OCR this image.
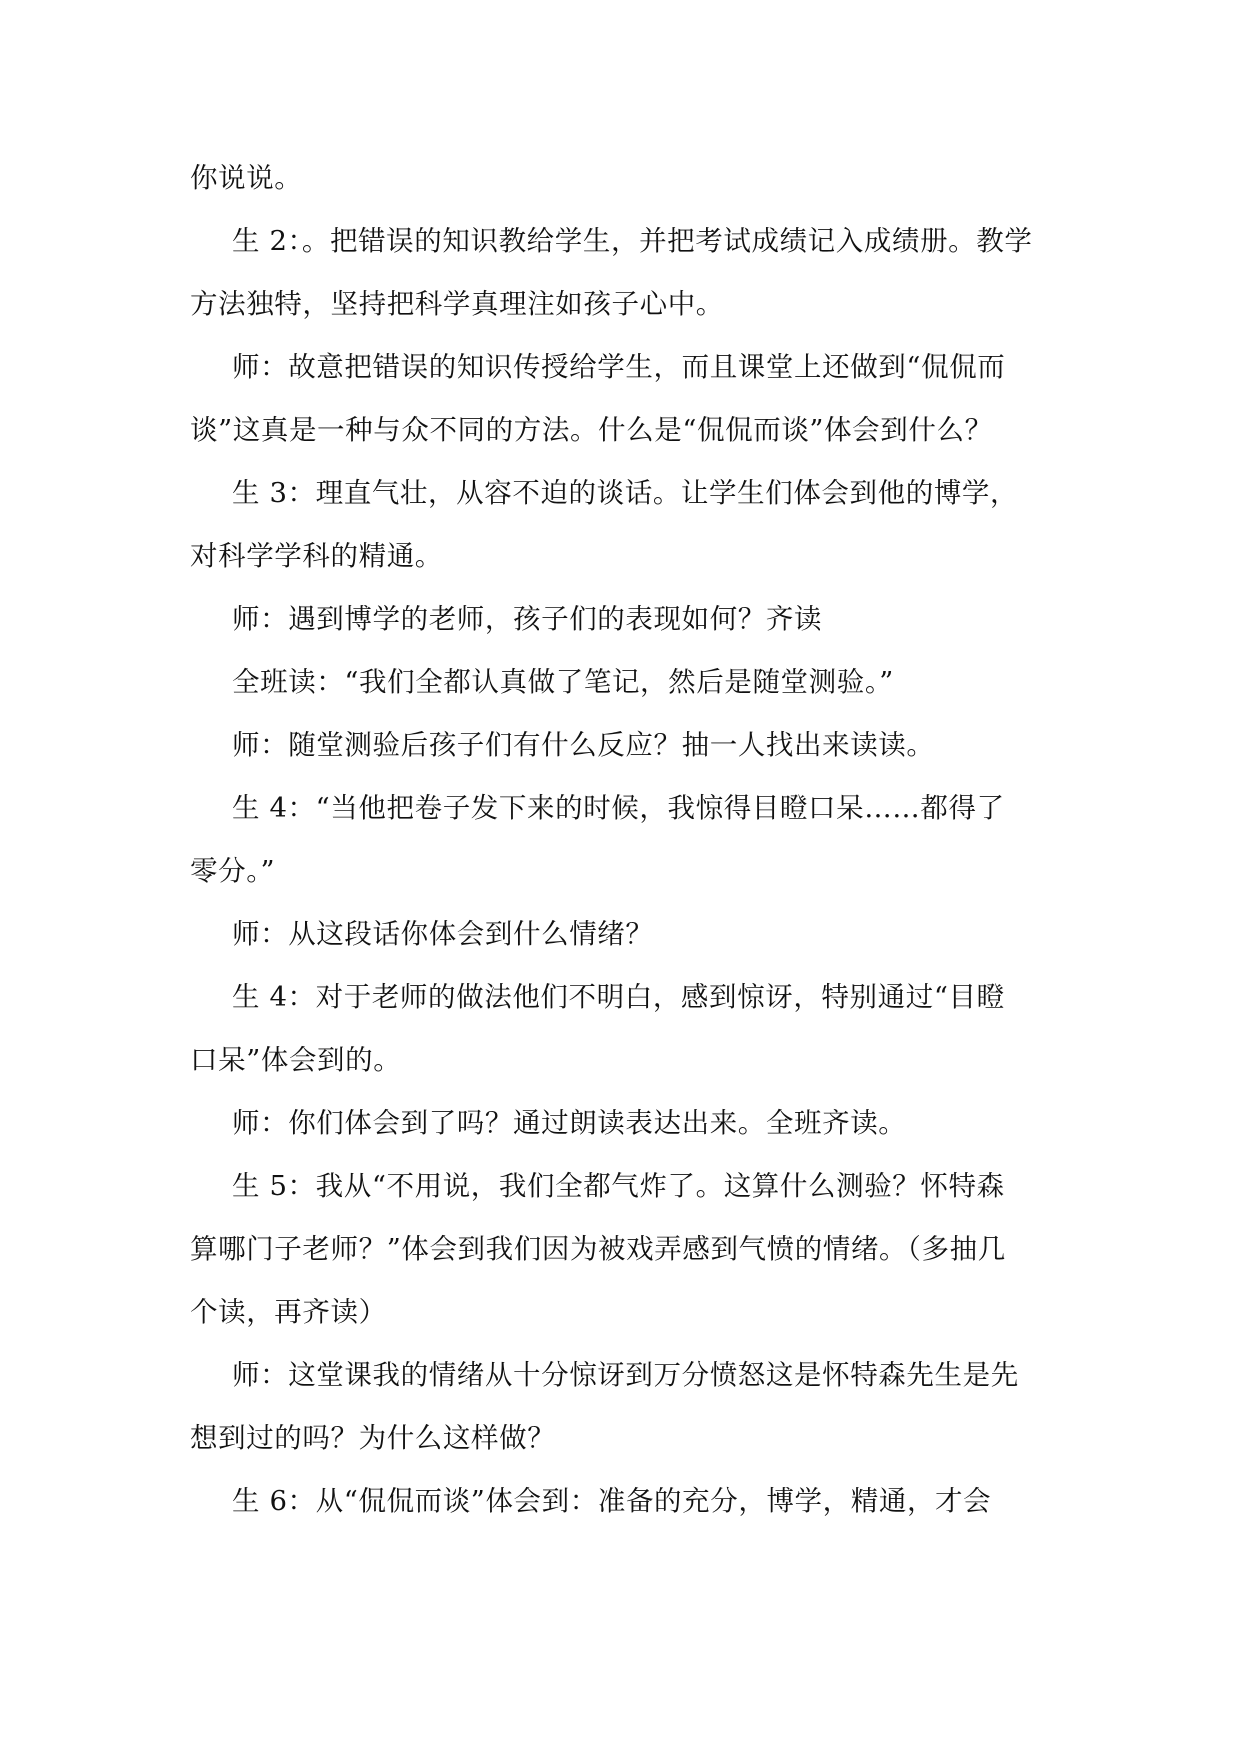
你说说。
生 2：。把错误的知识教给学生，并把考试成绩记入成绩册。教学
方法独特，坚持把科学真理注如孩子心中。
师：故意把错误的知识传授给学生，而且课堂上还做到“侃侃而
谈”这真是一种与众不同的方法。什么是“侃侃而谈”体会到什么？
生 3：理直气壮，从容不迫的谈话。让学生们体会到他的博学，
对科学学科的精通。
师：遇到博学的老师，孩子们的表现如何？齐读
全班读：“我们全都认真做了笔记，然后是随堂测验。”
师：随堂测验后孩子们有什么反应？抽一人找出来读读。
生 4：“当他把卷子发下来的时候，我惊得目瞪口呆……都得了
零分。”
师：从这段话你体会到什么情绪？
生 4：对于老师的做法他们不明白，感到惊讶，特别通过“目瞪
口呆”体会到的。
师：你们体会到了吗？通过朗读表达出来。全班齐读。
生 5：我从“不用说，我们全都气炸了。这算什么测验？怀特森
算哪门子老师？”体会到我们因为被戏弄感到气愤的情绪。（多抽几
个读，再齐读）
师：这堂课我的情绪从十分惊讶到万分愤怒这是怀特森先生是先
想到过的吗？为什么这样做？
生 6：从“侃侃而谈”体会到：准备的充分，博学，精通，才会
